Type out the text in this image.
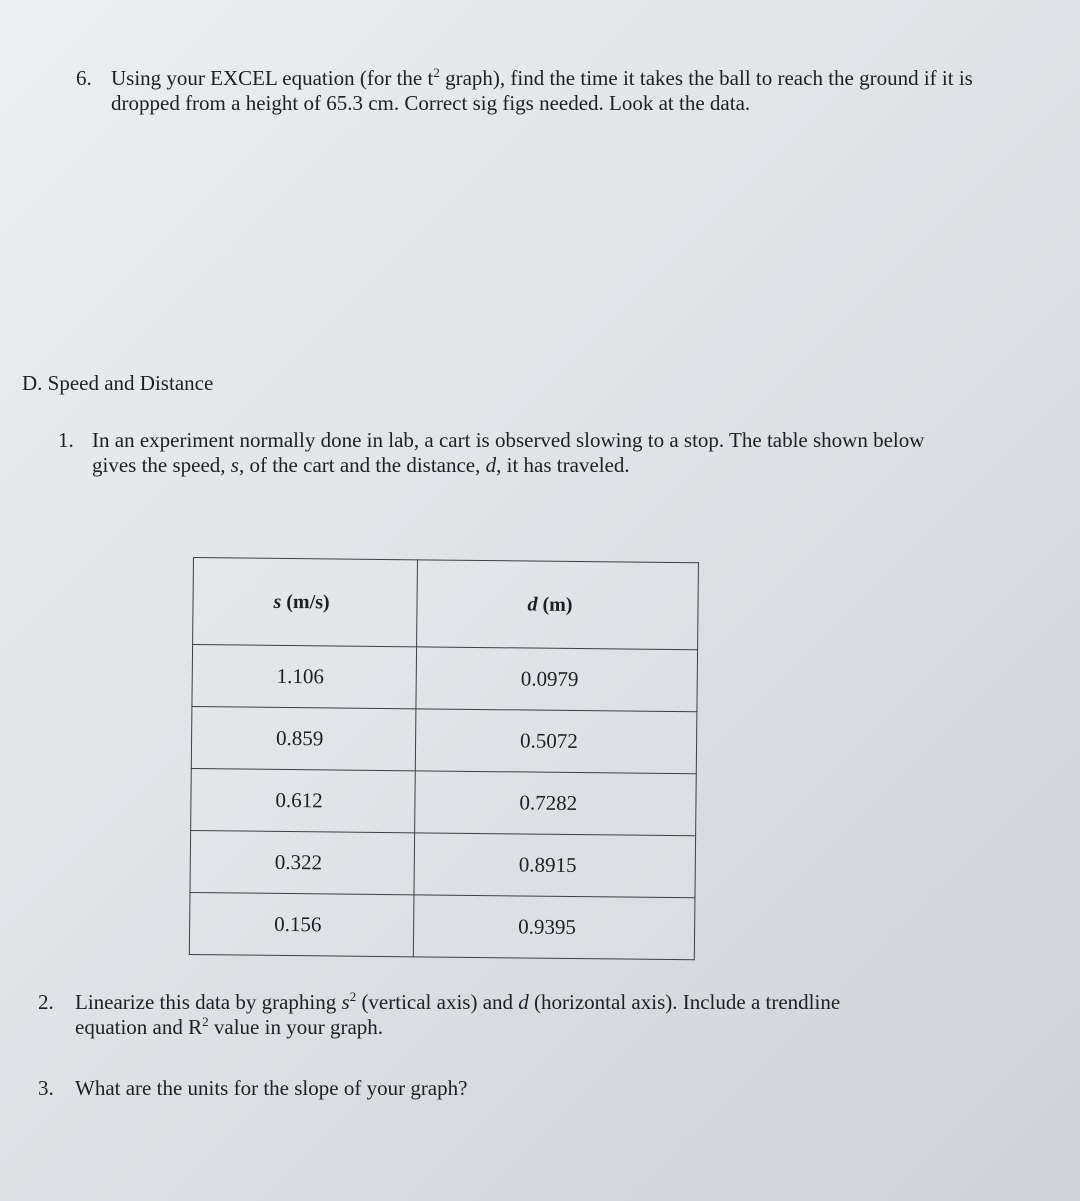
6. Using your EXCEL equation (for the $t^2$ graph), find the time it takes the ball to reach the ground if it is dropped from a height of 65.3 cm. Correct sig figs needed. Look at the data.
D. Speed and Distance
1. In an experiment normally done in lab, a cart is observed slowing to a stop. The table shown below gives the speed, s, of the cart and the distance, d, it has traveled.
s (m/s)	d (m)
1.106	0.0979
0.859	0.5072
0.612	0.7282
0.322	0.8915
0.156	0.9395
2.	Linearize this data by graphing $s^2$ (vertical axis) and d (horizontal axis). Include a trendline equation and $R^2$ value in your graph.
3.	What are the units for the slope of your graph?
